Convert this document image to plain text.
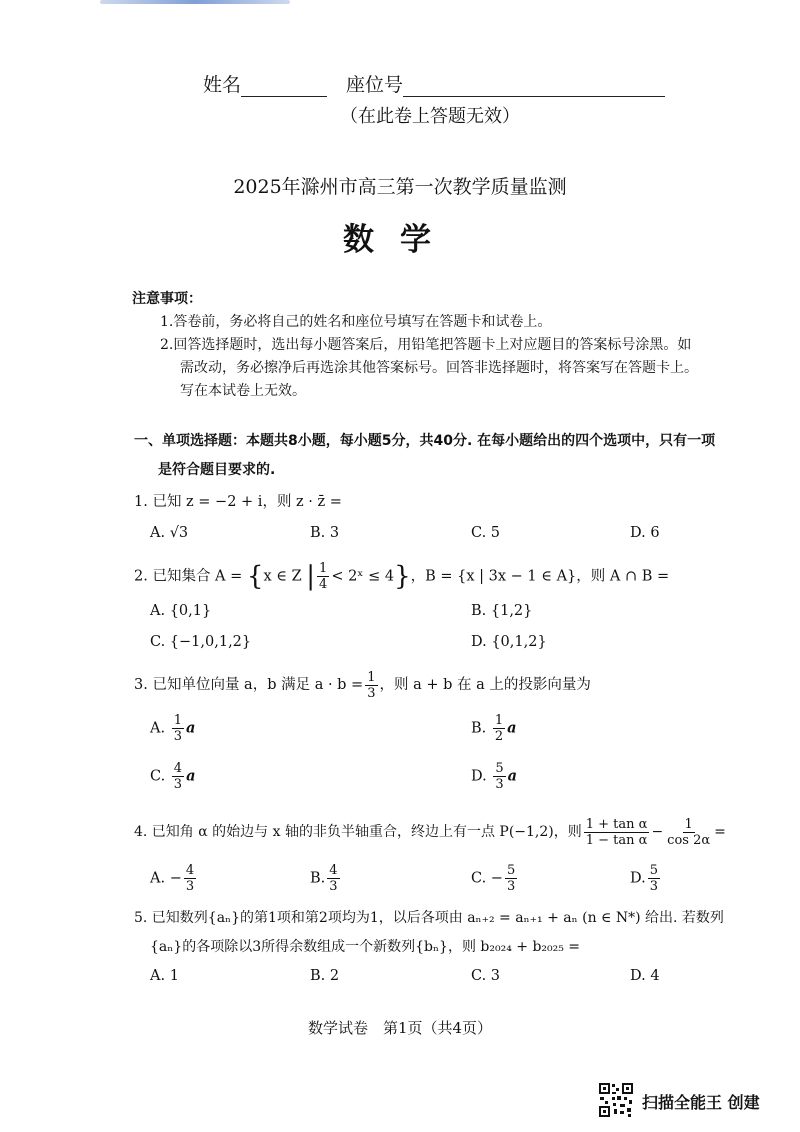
姓名	座位号
（在此卷上答题无效）
2025年滁州市高三第一次教学质量监测
数学
注意事项：
1.答卷前，务必将自己的姓名和座位号填写在答题卡和试卷上。
2.回答选择题时，选出每小题答案后，用铅笔把答题卡上对应题目的答案标号涂黑。如
需改动，务必擦净后再选涂其他答案标号。回答非选择题时，将答案写在答题卡上。
写在本试卷上无效。
一、单项选择题：本题共8小题，每小题5分，共40分. 在每小题给出的四个选项中，只有一项
是符合题目要求的.
1. 已知 z = −2 + i，则 z · z̄ =
A. √3	B. 3	C. 5	D. 6
2. 已知集合 A = {x ∈ Z | $\frac{1}{4}$ < 2ˣ ≤ 4}，B = {x | 3x − 1 ∈ A}，则 A ∩ B =
A. {0,1}	B. {1,2}
C. {−1,0,1,2}	D. {0,1,2}
3. 已知单位向量 a，b 满足 $a \cdot b = \frac{1}{3}$ ，则 a + b 在 a 上的投影向量为
A. $\frac{1}{3}$ a	B. $\frac{1}{2}$ a
C. $\frac{4}{3}$ a	D. $\frac{5}{3}$ a
4. 已知角 α 的始边与 x 轴的非负半轴重合，终边上有一点 P(−1,2)，则 $\frac{\text{1 + tan α}}{\text{1 − tan α}} - \frac{1}{\cos 2\alpha}$ =
A. − $\frac{4}{3}$	B. $\frac{4}{3}$	C. − $\frac{5}{3}$	D. $\frac{5}{3}$
5. 已知数列{aₙ}的第1项和第2项均为1，以后各项由 aₙ₊₂ = aₙ₊₁ + aₙ (n ∈ N*) 给出. 若数列
{aₙ}的各项除以3所得余数组成一个新数列{bₙ}，则 b₂₀₂₄ + b₂₀₂₅ =
A. 1	B. 2	C. 3	D. 4
数学试卷　第1页（共4页）
扫描全能王 创建
